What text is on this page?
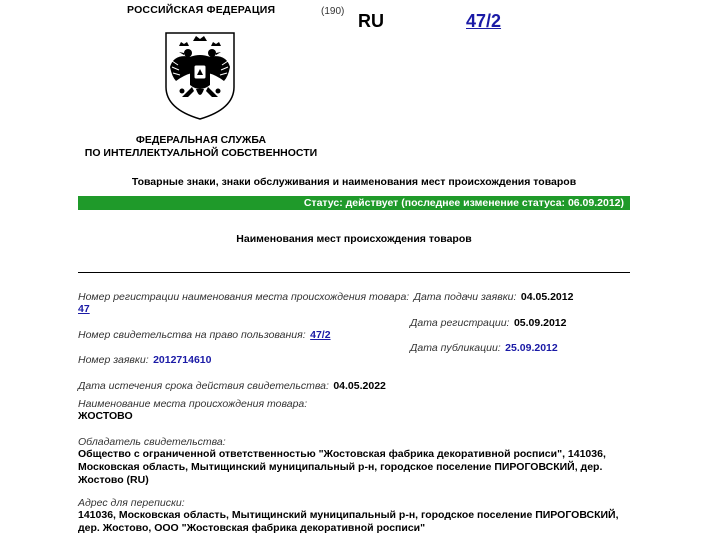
РОССИЙСКАЯ ФЕДЕРАЦИЯ	(190) RU	47/2
ФЕДЕРАЛЬНАЯ СЛУЖБА
ПО ИНТЕЛЛЕКТУАЛЬНОЙ СОБСТВЕННОСТИ
Товарные знаки, знаки обслуживания и наименования мест происхождения товаров
Статус: действует (последнее изменение статуса: 06.09.2012)
Наименования мест происхождения товаров
Номер регистрации наименования места происхождения товара: Дата подачи заявки: 04.05.2012
47
Дата регистрации: 05.09.2012
Номер свидетельства на право пользования: 47/2
Дата публикации: 25.09.2012
Номер заявки: 2012714610
Дата истечения срока действия свидетельства: 04.05.2022
Наименование места происхождения товара:
ЖОСТОВО
Обладатель свидетельства:
Общество с ограниченной ответственностью "Жостовская фабрика декоративной росписи", 141036, Московская область, Мытищинский муниципальный р-н, городское поселение ПИРОГОВСКИЙ, дер. Жостово (RU)
Адрес для переписки:
141036, Московская область, Мытищинский муниципальный р-н, городское поселение ПИРОГОВСКИЙ, дер. Жостово, ООО "Жостовская фабрика декоративной росписи"
